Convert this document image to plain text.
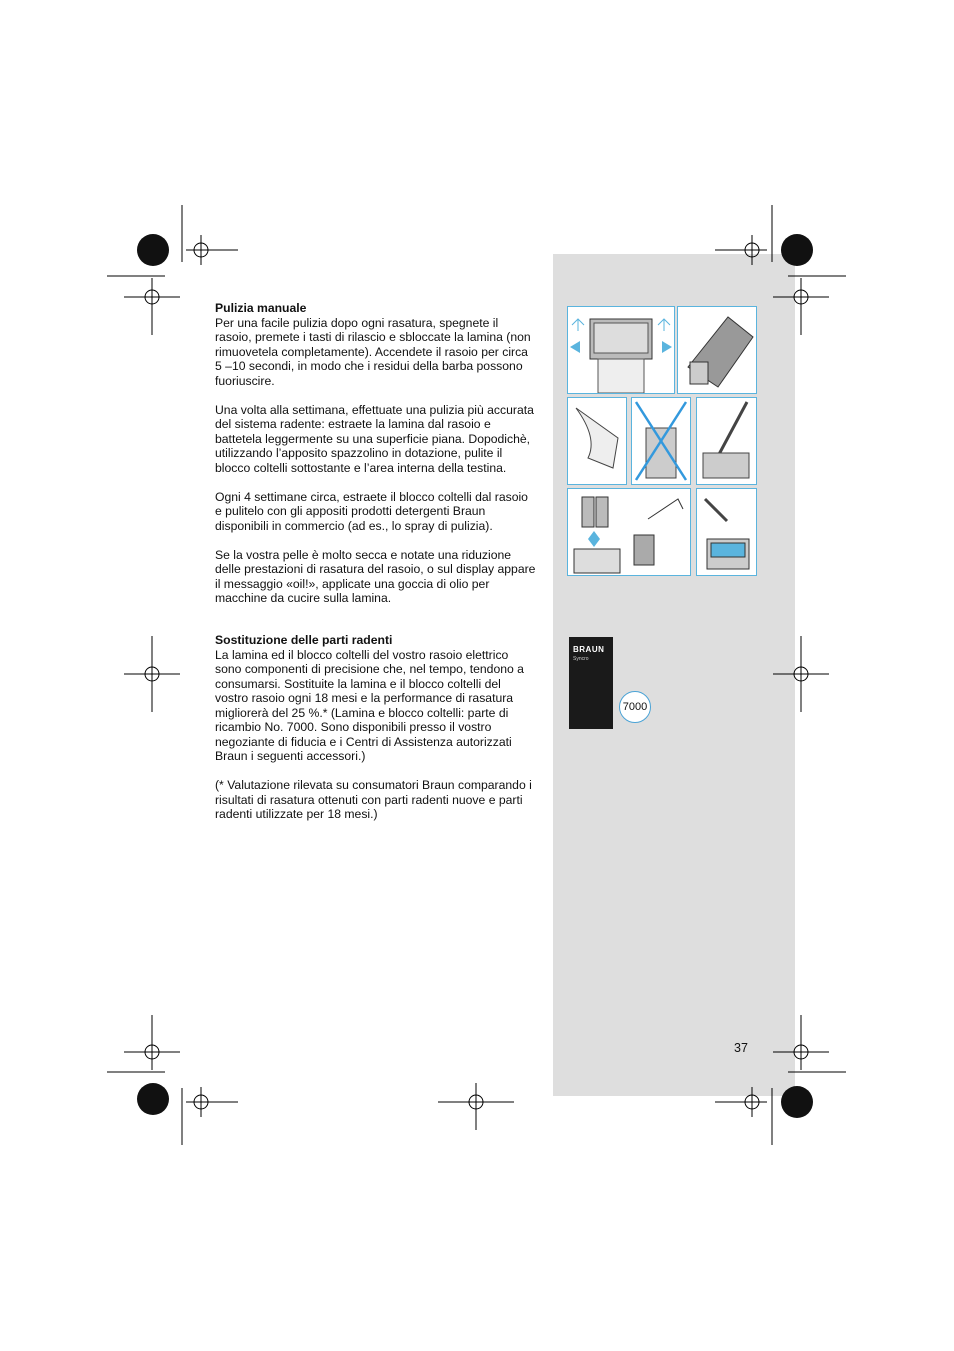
Pulizia manuale

Per una facile pulizia dopo ogni rasatura, spegnete il rasoio, premete i tasti di rilascio e sbloccate la lamina (non rimuovetela completamente). Accendete il rasoio per circa 5 –10 secondi, in modo che i residui della barba possono fuoriuscire.

Una volta alla settimana, effettuate una pulizia più accurata del sistema radente: estraete la lamina dal rasoio e battetela leggermente su una superficie piana. Dopodichè, utilizzando l’apposito spazzolino in dotazione, pulite il blocco coltelli sottostante e l’area interna della testina.

Ogni 4 settimane circa, estraete il blocco coltelli dal rasoio e pulitelo con gli appositi prodotti detergenti Braun disponibili in commercio (ad es., lo spray di pulizia).

Se la vostra pelle è molto secca e notate una riduzione delle prestazioni di rasatura del rasoio, o sul display appare il messaggio «oil!», applicate una goccia di olio per macchine da cucire sulla lamina.

Sostituzione delle parti radenti

La lamina ed il blocco coltelli del vostro rasoio elettrico sono componenti di precisione che, nel tempo, tendono a consumarsi. Sostituite la lamina e il blocco coltelli del vostro rasoio ogni 18 mesi e la performance di rasatura migliorerà del 25 %.* (Lamina e blocco coltelli: parte di ricambio No. 7000. Sono disponibili presso il vostro negoziante di fiducia e i Centri di Assistenza autorizzati Braun i seguenti accessori.)

(* Valutazione rilevata su consumatori Braun comparando i risultati di rasatura ottenuti con parti radenti nuove e parti radenti utilizzate per 18 mesi.)

37
BRAUN
Syncro
7000
